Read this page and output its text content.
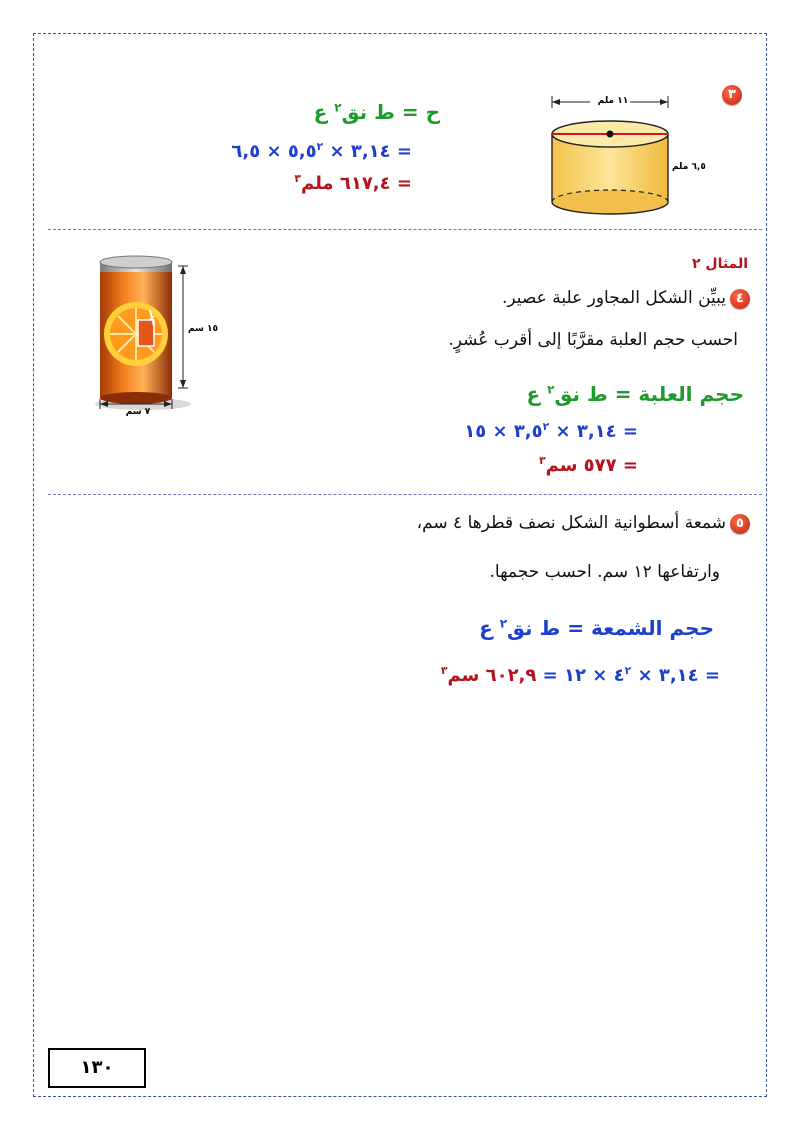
٣
١١ ملم
٦,٥ ملم
ح = ط نق$^٢$ ع
= ٣,١٤ × $٥,٥^٢$ × ٦,٥
= ٦١٧,٤ ملم$^٣$
المثال ٢
٤
يبيِّن الشكل المجاور علبة عصير.
احسب حجم العلبة مقرَّبًا إلى أقرب عُشرٍ.
١٥ سم
٧ سم
حجم العلبة = ط نق$^٢$ ع
= ٣,١٤ × $٣,٥^٢$ × ١٥
= ٥٧٧ سم$^٣$
٥
شمعة أسطوانية الشكل نصف قطرها ٤ سم،
وارتفاعها ١٢ سم. احسب حجمها.
حجم الشمعة = ط نق$^٢$ ع
= ٣,١٤ × $٤^٢$ × ١٢ = ٦٠٢,٩ سم$^٣$
١٣٠
